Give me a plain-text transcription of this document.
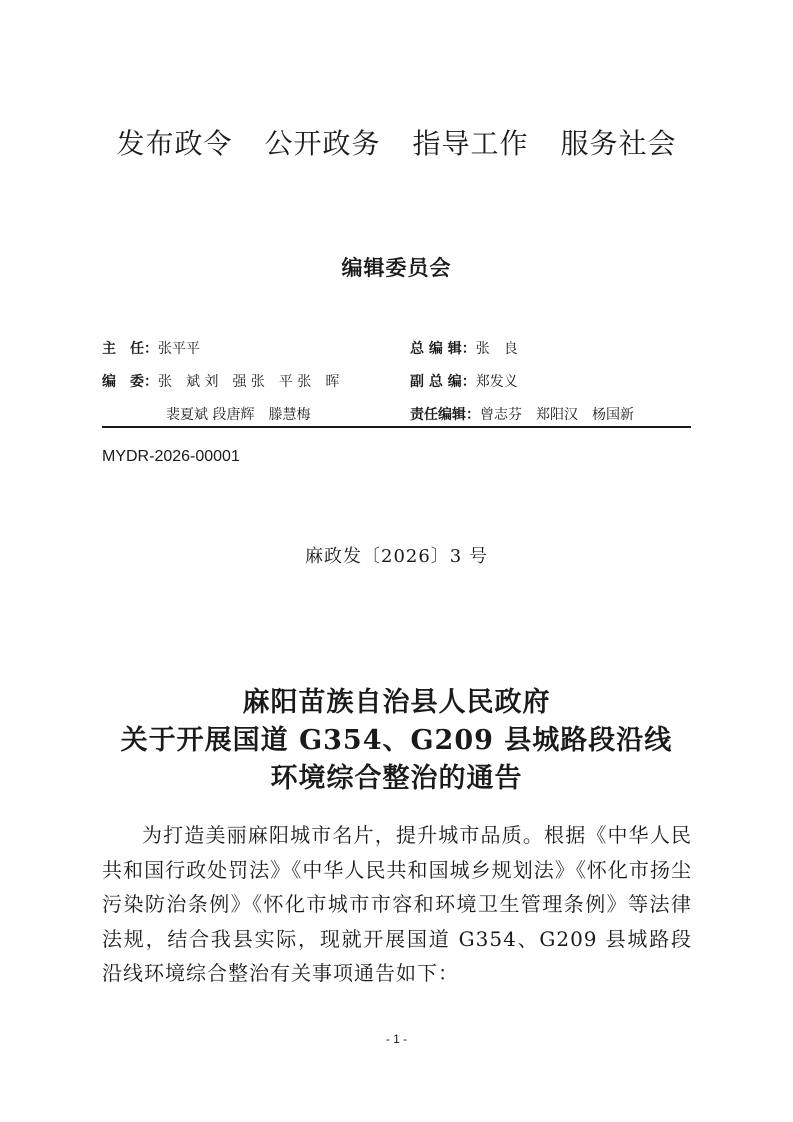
发布政令 公开政务 指导工作 服务社会
编辑委员会
主　任：张平平	总 编 辑：张　良
编　委：张　斌 刘　强 张　平 张　晖	副 总 编：郑发义
裴夏斌 段唐辉　滕慧梅	责任编辑：曾志芬　郑阳汉　杨国新
MYDR-2026-00001
麻政发〔2026〕3 号
麻阳苗族自治县人民政府
关于开展国道 G354、G209 县城路段沿线
环境综合整治的通告
为打造美丽麻阳城市名片，提升城市品质。根据《中华人民共和国行政处罚法》《中华人民共和国城乡规划法》《怀化市扬尘污染防治条例》《怀化市城市市容和环境卫生管理条例》等法律法规，结合我县实际，现就开展国道 G354、G209 县城路段沿线环境综合整治有关事项通告如下：
- 1 -
